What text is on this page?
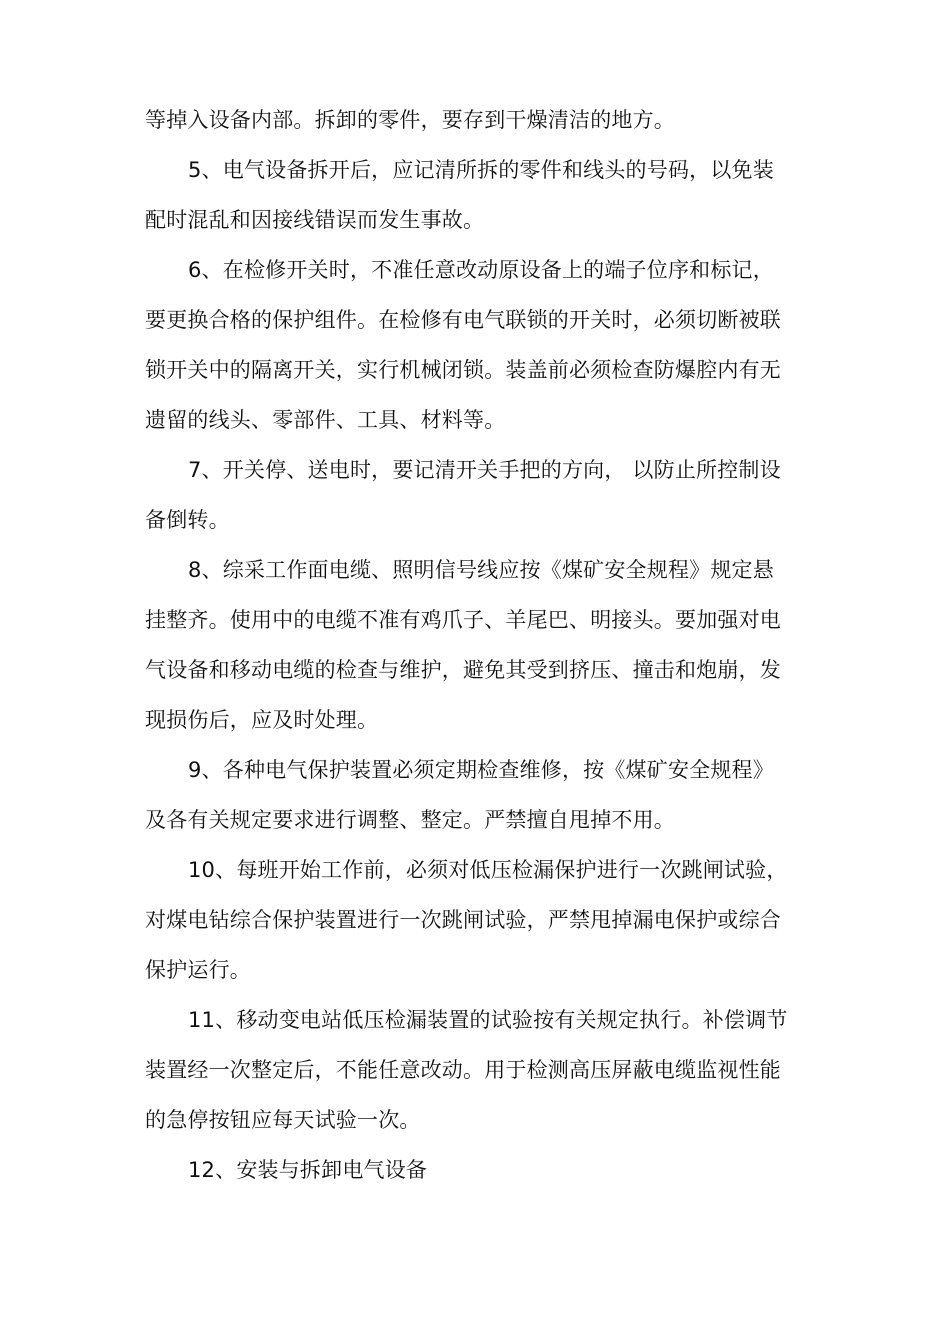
等掉入设备内部。拆卸的零件，要存到干燥清洁的地方。
5、电气设备拆开后，应记清所拆的零件和线头的号码，以免装
配时混乱和因接线错误而发生事故。
6、在检修开关时，不准任意改动原设备上的端子位序和标记，
要更换合格的保护组件。在检修有电气联锁的开关时，必须切断被联
锁开关中的隔离开关，实行机械闭锁。装盖前必须检查防爆腔内有无
遗留的线头、零部件、工具、材料等。
7、开关停、送电时，要记清开关手把的方向， 以防止所控制设
备倒转。
8、综采工作面电缆、照明信号线应按《煤矿安全规程》规定悬
挂整齐。使用中的电缆不准有鸡爪子、羊尾巴、明接头。要加强对电
气设备和移动电缆的检查与维护，避免其受到挤压、撞击和炮崩，发
现损伤后，应及时处理。
9、各种电气保护装置必须定期检查维修，按《煤矿安全规程》
及各有关规定要求进行调整、整定。严禁擅自甩掉不用。
10、每班开始工作前，必须对低压检漏保护进行一次跳闸试验，
对煤电钻综合保护装置进行一次跳闸试验，严禁甩掉漏电保护或综合
保护运行。
11、移动变电站低压检漏装置的试验按有关规定执行。补偿调节
装置经一次整定后，不能任意改动。用于检测高压屏蔽电缆监视性能
的急停按钮应每天试验一次。
12、安装与拆卸电气设备
